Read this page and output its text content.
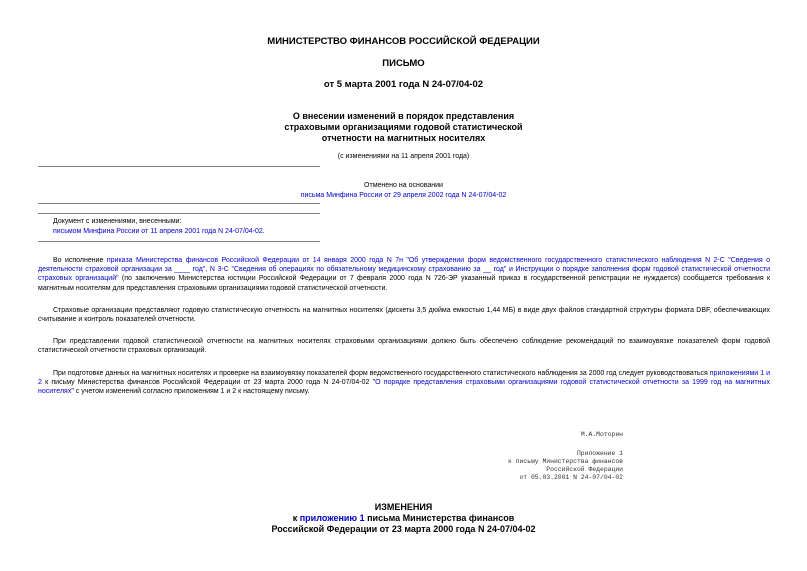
МИНИСТЕРСТВО ФИНАНСОВ РОССИЙСКОЙ ФЕДЕРАЦИИ
ПИСЬМО
от 5 марта 2001 года N 24-07/04-02
О внесении изменений в порядок представления
страховыми организациями годовой статистической
отчетности на магнитных носителях
(с изменениями на 11 апреля 2001 года)
Отменено на основании
письма Минфина России от 29 апреля 2002 года N 24-07/04-02
Документ с изменениями, внесенными:
письмом Минфина России от 11 апреля 2001 года N 24-07/04-02.
Во исполнение приказа Министерства финансов Российской Федерации от 14 января 2000 года N 7н "Об утверждении форм ведомственного государственного статистического наблюдения N 2-С "Сведения о деятельности страховой организации за ____ год", N 3-С "Сведения об операциях по обязательному медицинскому страхованию за __ год" и Инструкции о порядке заполнения форм годовой статистической отчетности страховых организаций" (по заключению Министерства юстиции Российской Федерации от 7 февраля 2000 года N 726-ЭР указанный приказ в государственной регистрации не нуждается) сообщается требования к магнитным носителям для представления страховыми организациями годовой статистической отчетности.
Страховые организации представляют годовую статистическую отчетность на магнитных носителях (дискеты 3,5 дюйма емкостью 1,44 МБ) в виде двух файлов стандартной структуры формата DBF, обеспечивающих считывание и контроль показателей отчетности.
При представлении годовой статистической отчетности на магнитных носителях страховыми организациями должно быть обеспечено соблюдение рекомендаций по взаимоувязке показателей форм годовой статистической отчетности страховых организаций.
При подготовке данных на магнитных носителях и проверке на взаимоувязку показателей форм ведомственного государственного статистического наблюдения за 2000 год следует руководствоваться приложениями 1 и 2 к письму Министерства финансов Российской Федерации от 23 марта 2000 года N 24-07/04-02 "О порядке представления страховыми организациями годовой статистической отчетности за 1999 год на магнитных носителях" с учетом изменений согласно приложениям 1 и 2 к настоящему письму.
М.А.Моторин
Приложение 1
к письму Министерства финансов
Российской Федерации
от 05.03.2001 N 24-07/04-02
ИЗМЕНЕНИЯ
к приложению 1 письма Министерства финансов
Российской Федерации от 23 марта 2000 года N 24-07/04-02
